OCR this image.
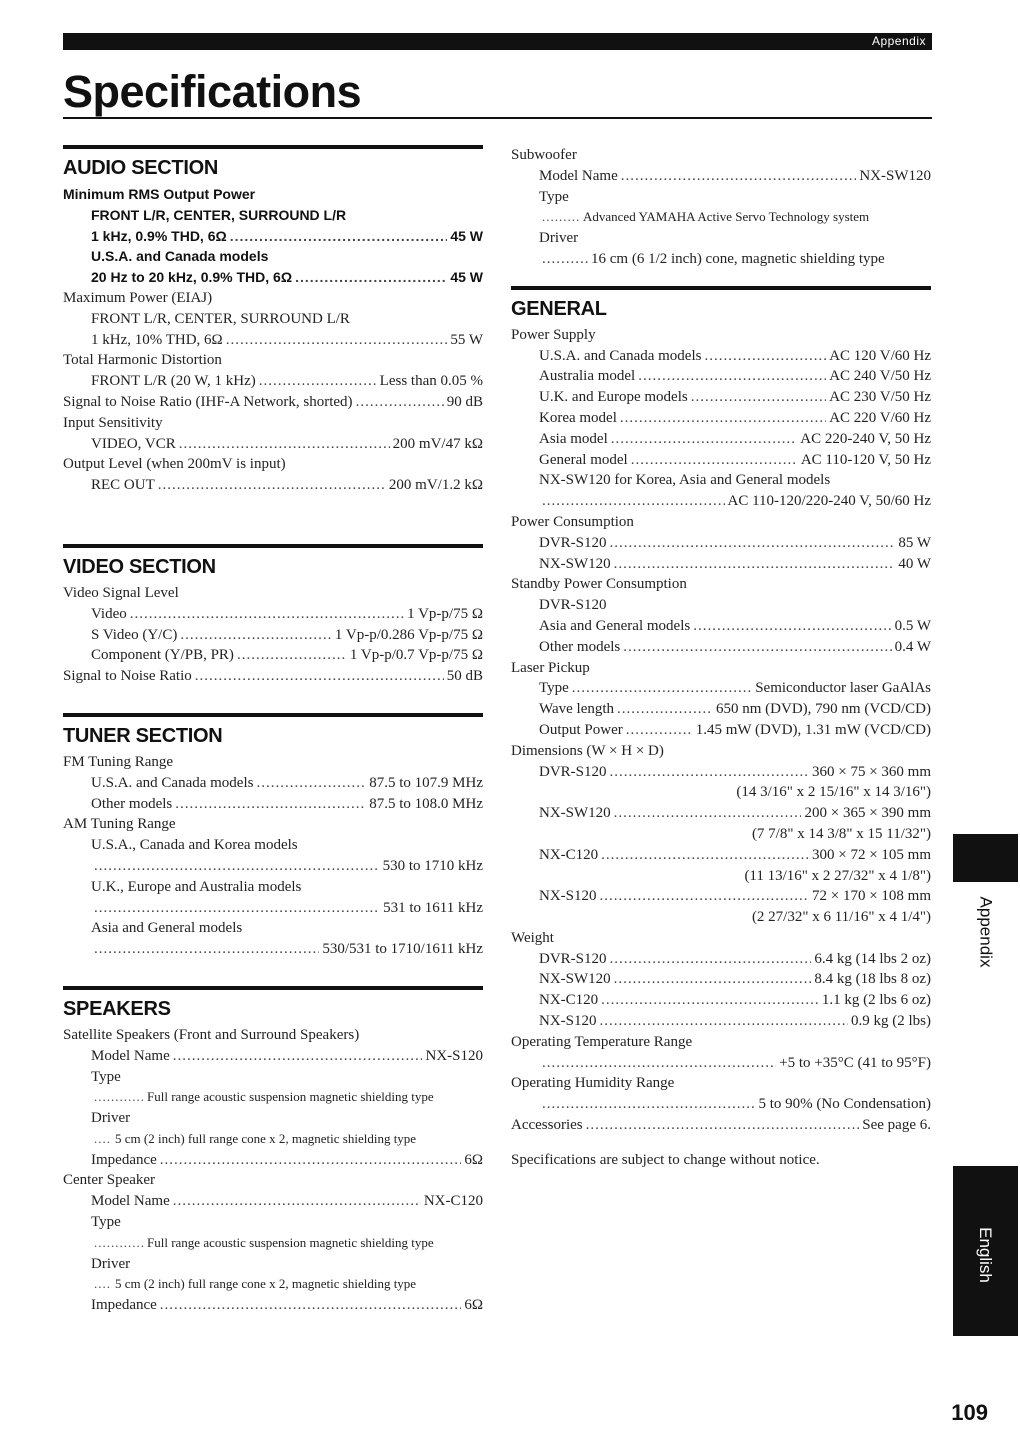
Appendix
Specifications
AUDIO SECTION
Minimum RMS Output Power
FRONT L/R, CENTER, SURROUND L/R
1 kHz, 0.9% THD, 6Ω .....	45 W
U.S.A. and Canada models
20 Hz to 20 kHz, 0.9% THD, 6Ω .....	45 W
Maximum Power (EIAJ)
FRONT L/R, CENTER, SURROUND L/R
1 kHz, 10% THD, 6Ω .....	55 W
Total Harmonic Distortion
FRONT L/R (20 W, 1 kHz) .....	Less than 0.05 %
Signal to Noise Ratio (IHF-A Network, shorted) .....	90 dB
Input Sensitivity
VIDEO, VCR .....	200 mV/47 kΩ
Output Level (when 200mV is input)
REC OUT .....	200 mV/1.2 kΩ
VIDEO SECTION
Video Signal Level
Video .....	1 Vp-p/75 Ω
S Video (Y/C) .....	1 Vp-p/0.286 Vp-p/75 Ω
Component (Y/PB, PR) .....	1 Vp-p/0.7 Vp-p/75 Ω
Signal to Noise Ratio .....	50 dB
TUNER SECTION
FM Tuning Range
U.S.A. and Canada models .....	87.5 to 107.9 MHz
Other models .....	87.5 to 108.0 MHz
AM Tuning Range
U.S.A., Canada and Korea models
.....
530 to 1710 kHz
U.K., Europe and Australia models
.....
531 to 1611 kHz
Asia and General models
.....
530/531 to 1710/1611 kHz
SPEAKERS
Satellite Speakers (Front and Surround Speakers)
Model Name .....	NX-S120
Type
.....
Full range acoustic suspension magnetic shielding type
Driver
.....
5 cm (2 inch) full range cone x 2, magnetic shielding type
Impedance .....	6Ω
Center Speaker
Model Name .....	NX-C120
Type
.....
Full range acoustic suspension magnetic shielding type
Driver
.....
5 cm (2 inch) full range cone x 2, magnetic shielding type
Impedance .....	6Ω
Subwoofer
Model Name .....	NX-SW120
Type
.....
Advanced YAMAHA Active Servo Technology system
Driver
.....
16 cm (6 1/2 inch) cone, magnetic shielding type
GENERAL
Power Supply
U.S.A. and Canada models .....	AC 120 V/60 Hz
Australia model .....	AC 240 V/50 Hz
U.K. and Europe models .....	AC 230 V/50 Hz
Korea model .....	AC 220 V/60 Hz
Asia model .....	AC 220-240 V, 50 Hz
General model .....	AC 110-120 V, 50 Hz
NX-SW120 for Korea, Asia and General models
.....
AC 110-120/220-240 V, 50/60 Hz
Power Consumption
DVR-S120 .....	85 W
NX-SW120 .....	40 W
Standby Power Consumption
DVR-S120
Asia and General models .....	0.5 W
Other models .....	0.4 W
Laser Pickup
Type .....	Semiconductor laser GaAlAs
Wave length .....	650 nm (DVD), 790 nm (VCD/CD)
Output Power .....	1.45 mW (DVD), 1.31 mW (VCD/CD)
Dimensions (W × H × D)
DVR-S120 .....	360 × 75 × 360 mm
(14 3/16" x 2 15/16" x 14 3/16")
NX-SW120 .....	200 × 365 × 390 mm
(7 7/8" x 14 3/8" x 15 11/32")
NX-C120 .....	300 × 72 × 105 mm
(11 13/16" x 2 27/32" x 4 1/8")
NX-S120 .....	72 × 170 × 108 mm
(2 27/32" x 6 11/16" x 4 1/4")
Weight
DVR-S120 .....	6.4 kg (14 lbs 2 oz)
NX-SW120 .....	8.4 kg (18 lbs 8 oz)
NX-C120 .....	1.1 kg (2 lbs 6 oz)
NX-S120 .....	0.9 kg (2 lbs)
Operating Temperature Range
.....
+5 to +35°C (41 to 95°F)
Operating Humidity Range
.....
5 to 90% (No Condensation)
Accessories .....	See page 6.
Specifications are subject to change without notice.
Appendix
English
109
